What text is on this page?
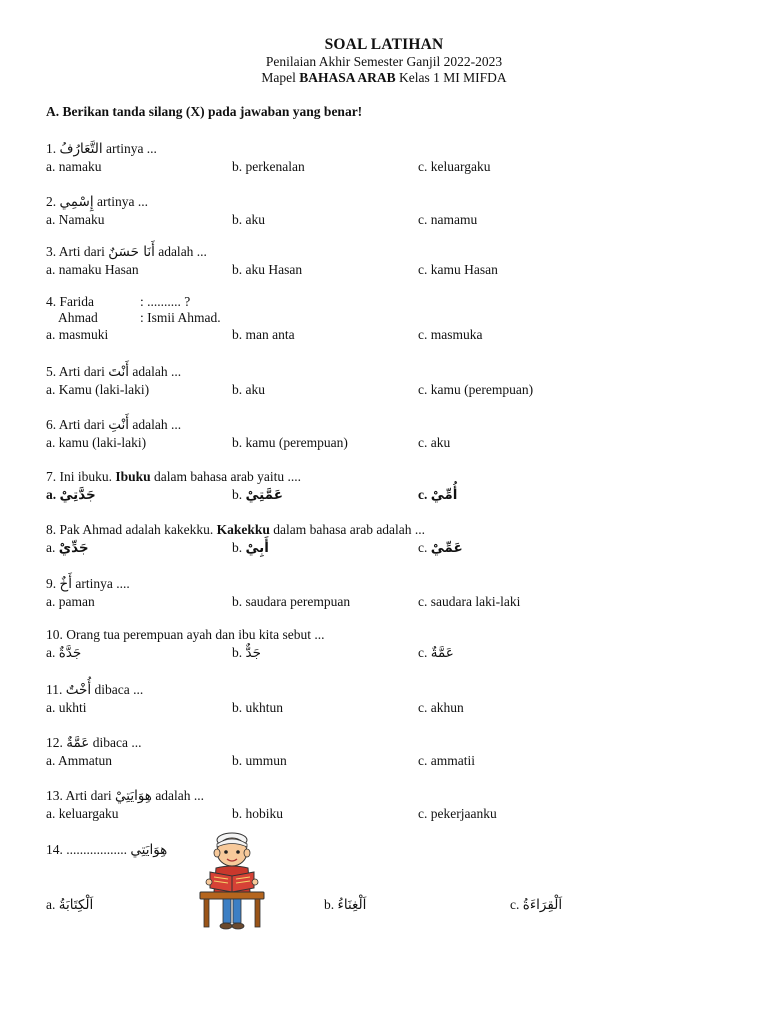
SOAL LATIHAN
Penilaian Akhir Semester Ganjil 2022-2023
Mapel BAHASA ARAB Kelas 1 MI MIFDA
A. Berikan tanda silang (X) pada jawaban yang benar!
1. التَّعَارُفُ artinya ...
a. namaku	b. perkenalan	c. keluargaku
2. إِسْمِي artinya ...
a. Namaku	b. aku	c. namamu
3. Arti dari أَنَا حَسَنٌ adalah ...
a. namaku Hasan	b. aku Hasan	c. kamu Hasan
4. Farida	: .......... ?
Ahmad	: Ismii Ahmad.
a. masmuki	b. man anta	c. masmuka
5. Arti dari أَنْتَ adalah ...
a. Kamu (laki-laki)	b. aku	c. kamu (perempuan)
6. Arti dari أَنْتِ adalah ...
a. kamu (laki-laki)	b. kamu (perempuan)	c. aku
7. Ini ibuku. Ibuku dalam bahasa arab yaitu ....
a. جَدَّتِيْ	b. عَمَّتِيْ	c. أُمِّيْ
8. Pak Ahmad adalah kakekku. Kakekku dalam bahasa arab adalah ...
a. جَدِّيْ	b. أَبِيْ	c. عَمِّيْ
9. أَخٌ artinya ....
a. paman	b. saudara perempuan	c. saudara laki-laki
10. Orang tua perempuan ayah dan ibu kita sebut ...
a. جَدَّةٌ	b. جَدٌّ	c. عَمَّةٌ
11. أُخْتٌ dibaca ...
a. ukhti	b. ukhtun	c. akhun
12. عَمَّةٌ dibaca ...
a. Ammatun	b. ummun	c. ammatii
13. Arti dari هِوَايَتِيْ adalah ...
a. keluargaku	b. hobiku	c. pekerjaanku
14. .................. هِوَايَتِي
a. اَلْكِتَابَةُ	b. اَلْغِنَاءُ	c. اَلْقِرَاءَةُ
